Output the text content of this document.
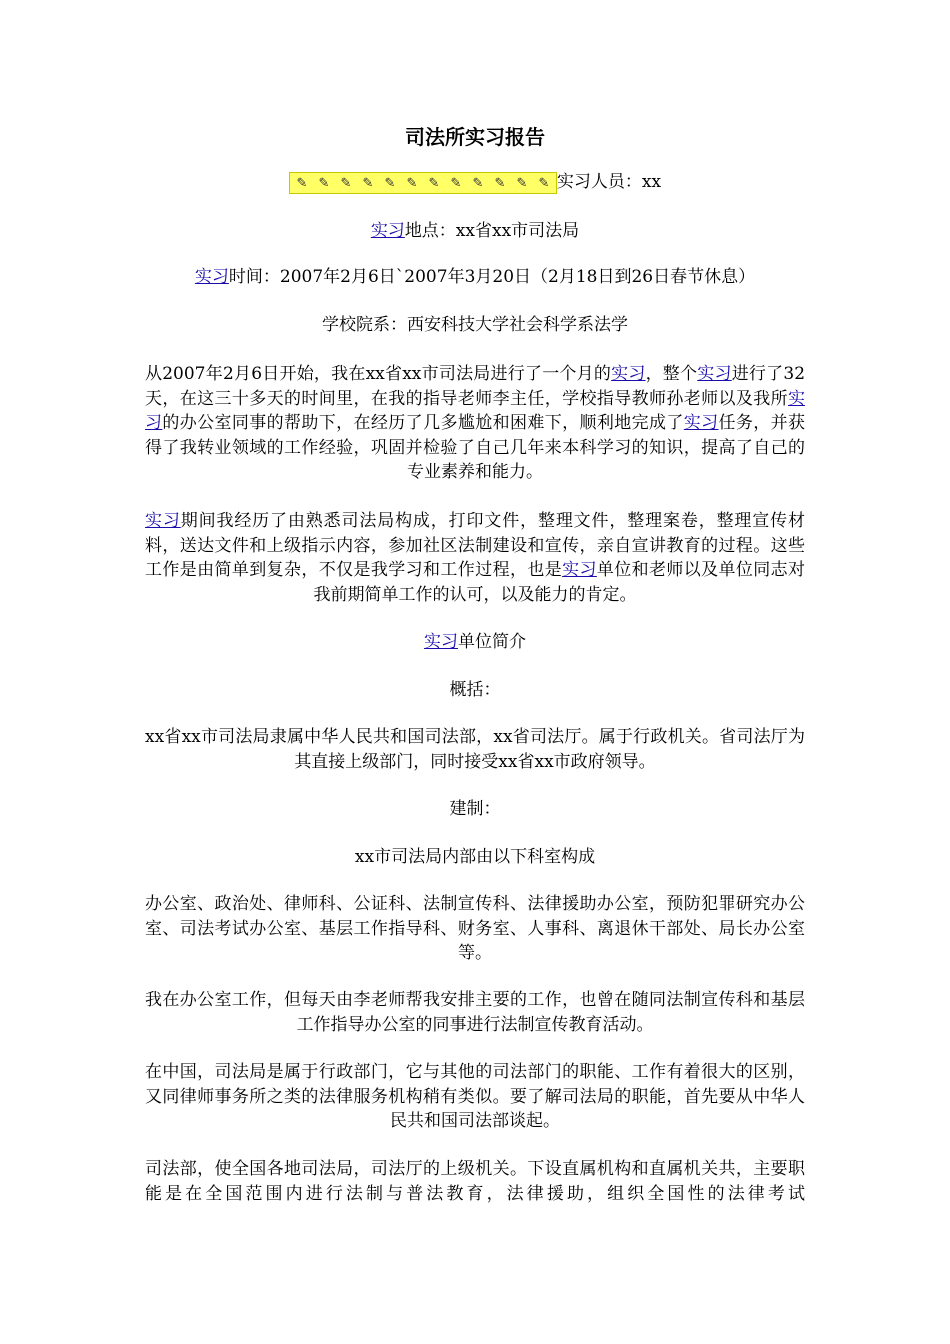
司法所实习报告
✎ ✎ ✎ ✎ ✎ ✎ ✎ ✎ ✎ ✎ ✎ ✎ 实习人员：xx
实习地点：xx省xx市司法局
实习时间：2007年2月6日`2007年3月20日（2月18日到26日春节休息）
学校院系：西安科技大学社会科学系法学
从2007年2月6日开始，我在xx省xx市司法局进行了一个月的实习，整个实习进行了32天，在这三十多天的时间里，在我的指导老师李主任，学校指导教师孙老师以及我所实习的办公室同事的帮助下，在经历了几多尴尬和困难下，顺利地完成了实习任务，并获得了我转业领域的工作经验，巩固并检验了自己几年来本科学习的知识，提高了自己的专业素养和能力。
实习期间我经历了由熟悉司法局构成，打印文件，整理文件，整理案卷，整理宣传材料，送达文件和上级指示内容，参加社区法制建设和宣传，亲自宣讲教育的过程。这些工作是由简单到复杂，不仅是我学习和工作过程，也是实习单位和老师以及单位同志对我前期简单工作的认可，以及能力的肯定。
实习单位简介
概括：
xx省xx市司法局隶属中华人民共和国司法部，xx省司法厅。属于行政机关。省司法厅为其直接上级部门，同时接受xx省xx市政府领导。
建制：
xx市司法局内部由以下科室构成
办公室、政治处、律师科、公证科、法制宣传科、法律援助办公室，预防犯罪研究办公室、司法考试办公室、基层工作指导科、财务室、人事科、离退休干部处、局长办公室等。
我在办公室工作，但每天由李老师帮我安排主要的工作，也曾在随同法制宣传科和基层工作指导办公室的同事进行法制宣传教育活动。
在中国，司法局是属于行政部门，它与其他的司法部门的职能、工作有着很大的区别，又同律师事务所之类的法律服务机构稍有类似。要了解司法局的职能，首先要从中华人民共和国司法部谈起。
司法部，使全国各地司法局，司法厅的上级机关。下设直属机构和直属机关共，主要职能是在全国范围内进行法制与普法教育，法律援助，组织全国性的法律考试
